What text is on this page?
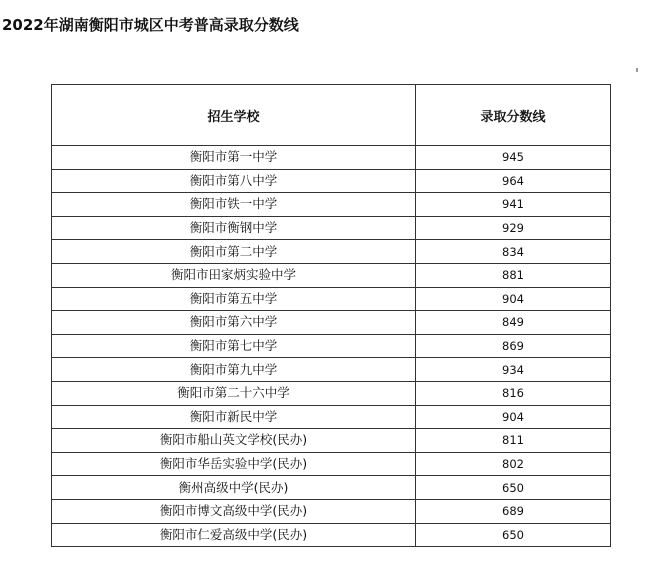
2022年湖南衡阳市城区中考普高录取分数线
招生学校	录取分数线
衡阳市第一中学	945
衡阳市第八中学	964
衡阳市铁一中学	941
衡阳市衡钢中学	929
衡阳市第二中学	834
衡阳市田家炳实验中学	881
衡阳市第五中学	904
衡阳市第六中学	849
衡阳市第七中学	869
衡阳市第九中学	934
衡阳市第二十六中学	816
衡阳市新民中学	904
衡阳市船山英文学校(民办)	811
衡阳市华岳实验中学(民办)	802
衡州高级中学(民办)	650
衡阳市博文高级中学(民办)	689
衡阳市仁爱高级中学(民办)	650
